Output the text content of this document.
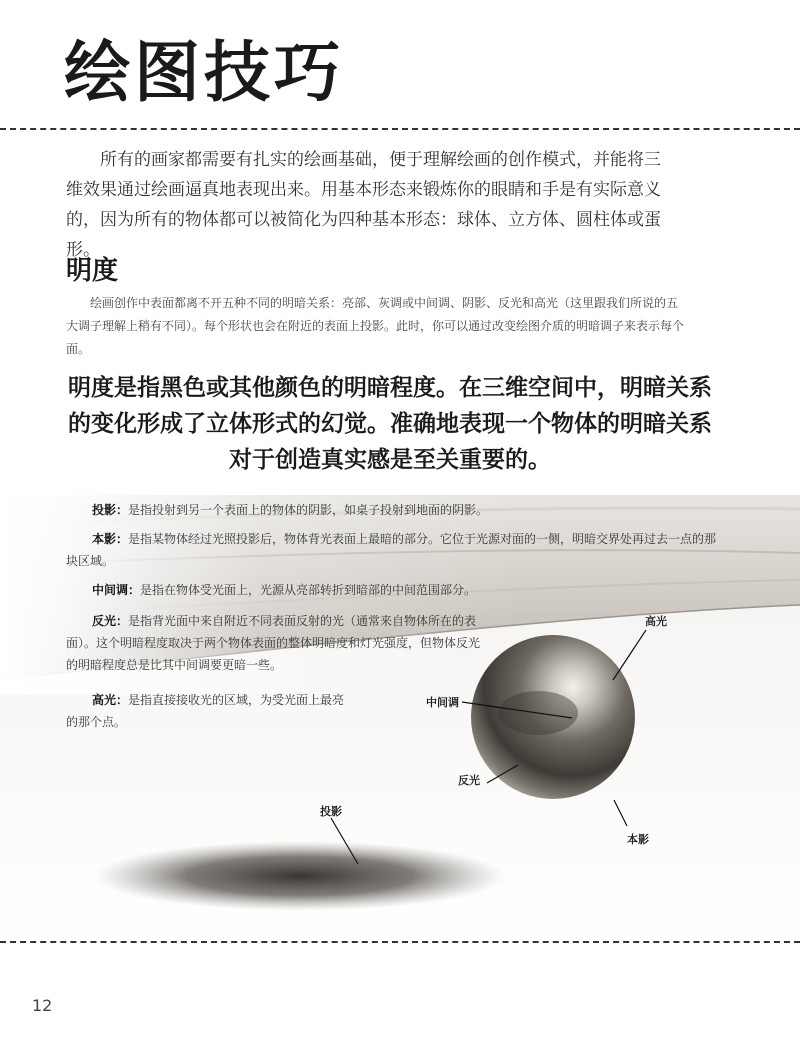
绘图技巧

所有的画家都需要有扎实的绘画基础，便于理解绘画的创作模式，并能将三维效果通过绘画逼真地表现出来。用基本形态来锻炼你的眼睛和手是有实际意义的，因为所有的物体都可以被简化为四种基本形态：球体、立方体、圆柱体或蛋形。

明度

绘画创作中表面都离不开五种不同的明暗关系：亮部、灰调或中间调、阴影、反光和高光（这里跟我们所说的五大调子理解上稍有不同）。每个形状也会在附近的表面上投影。此时，你可以通过改变绘图介质的明暗调子来表示每个面。

明度是指黑色或其他颜色的明暗程度。在三维空间中，明暗关系的变化形成了立体形式的幻觉。准确地表现一个物体的明暗关系对于创造真实感是至关重要的。

投影：是指投射到另一个表面上的物体的阴影，如桌子投射到地面的阴影。

本影：是指某物体经过光照投影后，物体背光表面上最暗的部分。它位于光源对面的一侧，明暗交界处再过去一点的那块区域。

中间调：是指在物体受光面上，光源从亮部转折到暗部的中间范围部分。

反光：是指背光面中来自附近不同表面反射的光（通常来自物体所在的表面）。这个明暗程度取决于两个物体表面的整体明暗度和灯光强度，但物体反光的明暗程度总是比其中间调要更暗一些。

高光：是指直接接收光的区域，为受光面上最亮的那个点。

高光
中间调
反光
本影
投影
12
